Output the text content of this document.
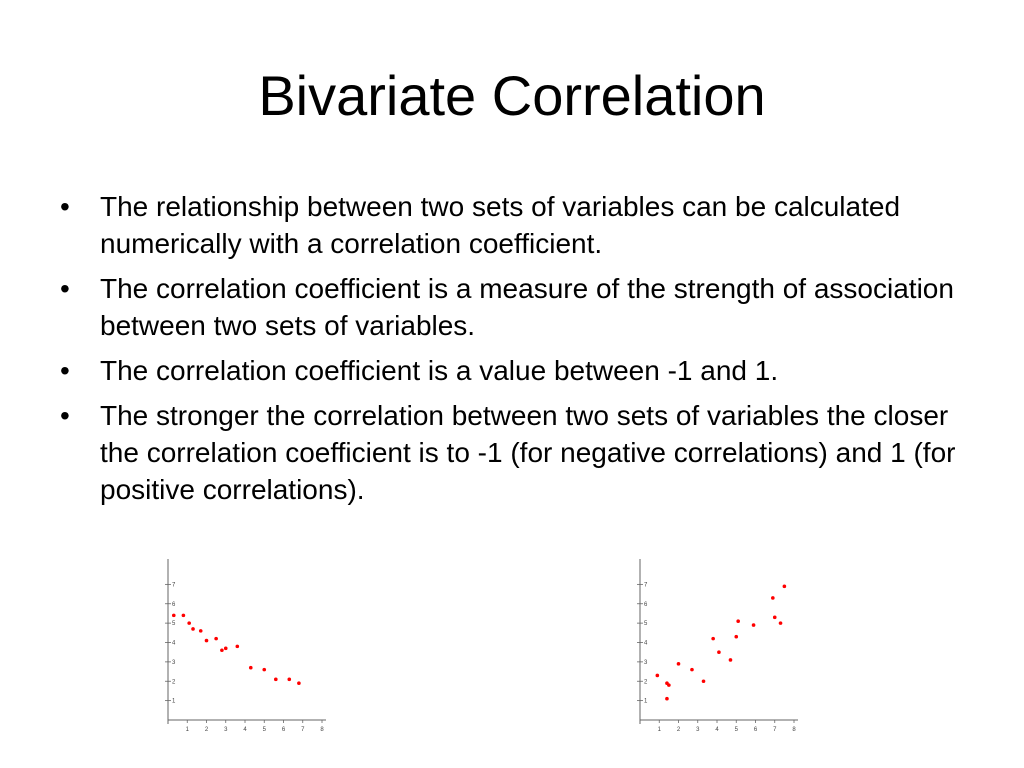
Bivariate Correlation
•	The relationship between two sets of variables can be calculated numerically with a correlation coefficient.
•	The correlation coefficient is a measure of the strength of association between two sets of variables.
•	The correlation coefficient is a value between -1 and 1.
•	The stronger the correlation between two sets of variables the closer the correlation coefficient is to -1 (for negative correlations) and 1 (for positive correlations).
1	2	3	4	5	6	7	8
1
2
3
4
5
6
7
1	2	3	4	5	6	7	8
1
2
3
4
5
6
7
